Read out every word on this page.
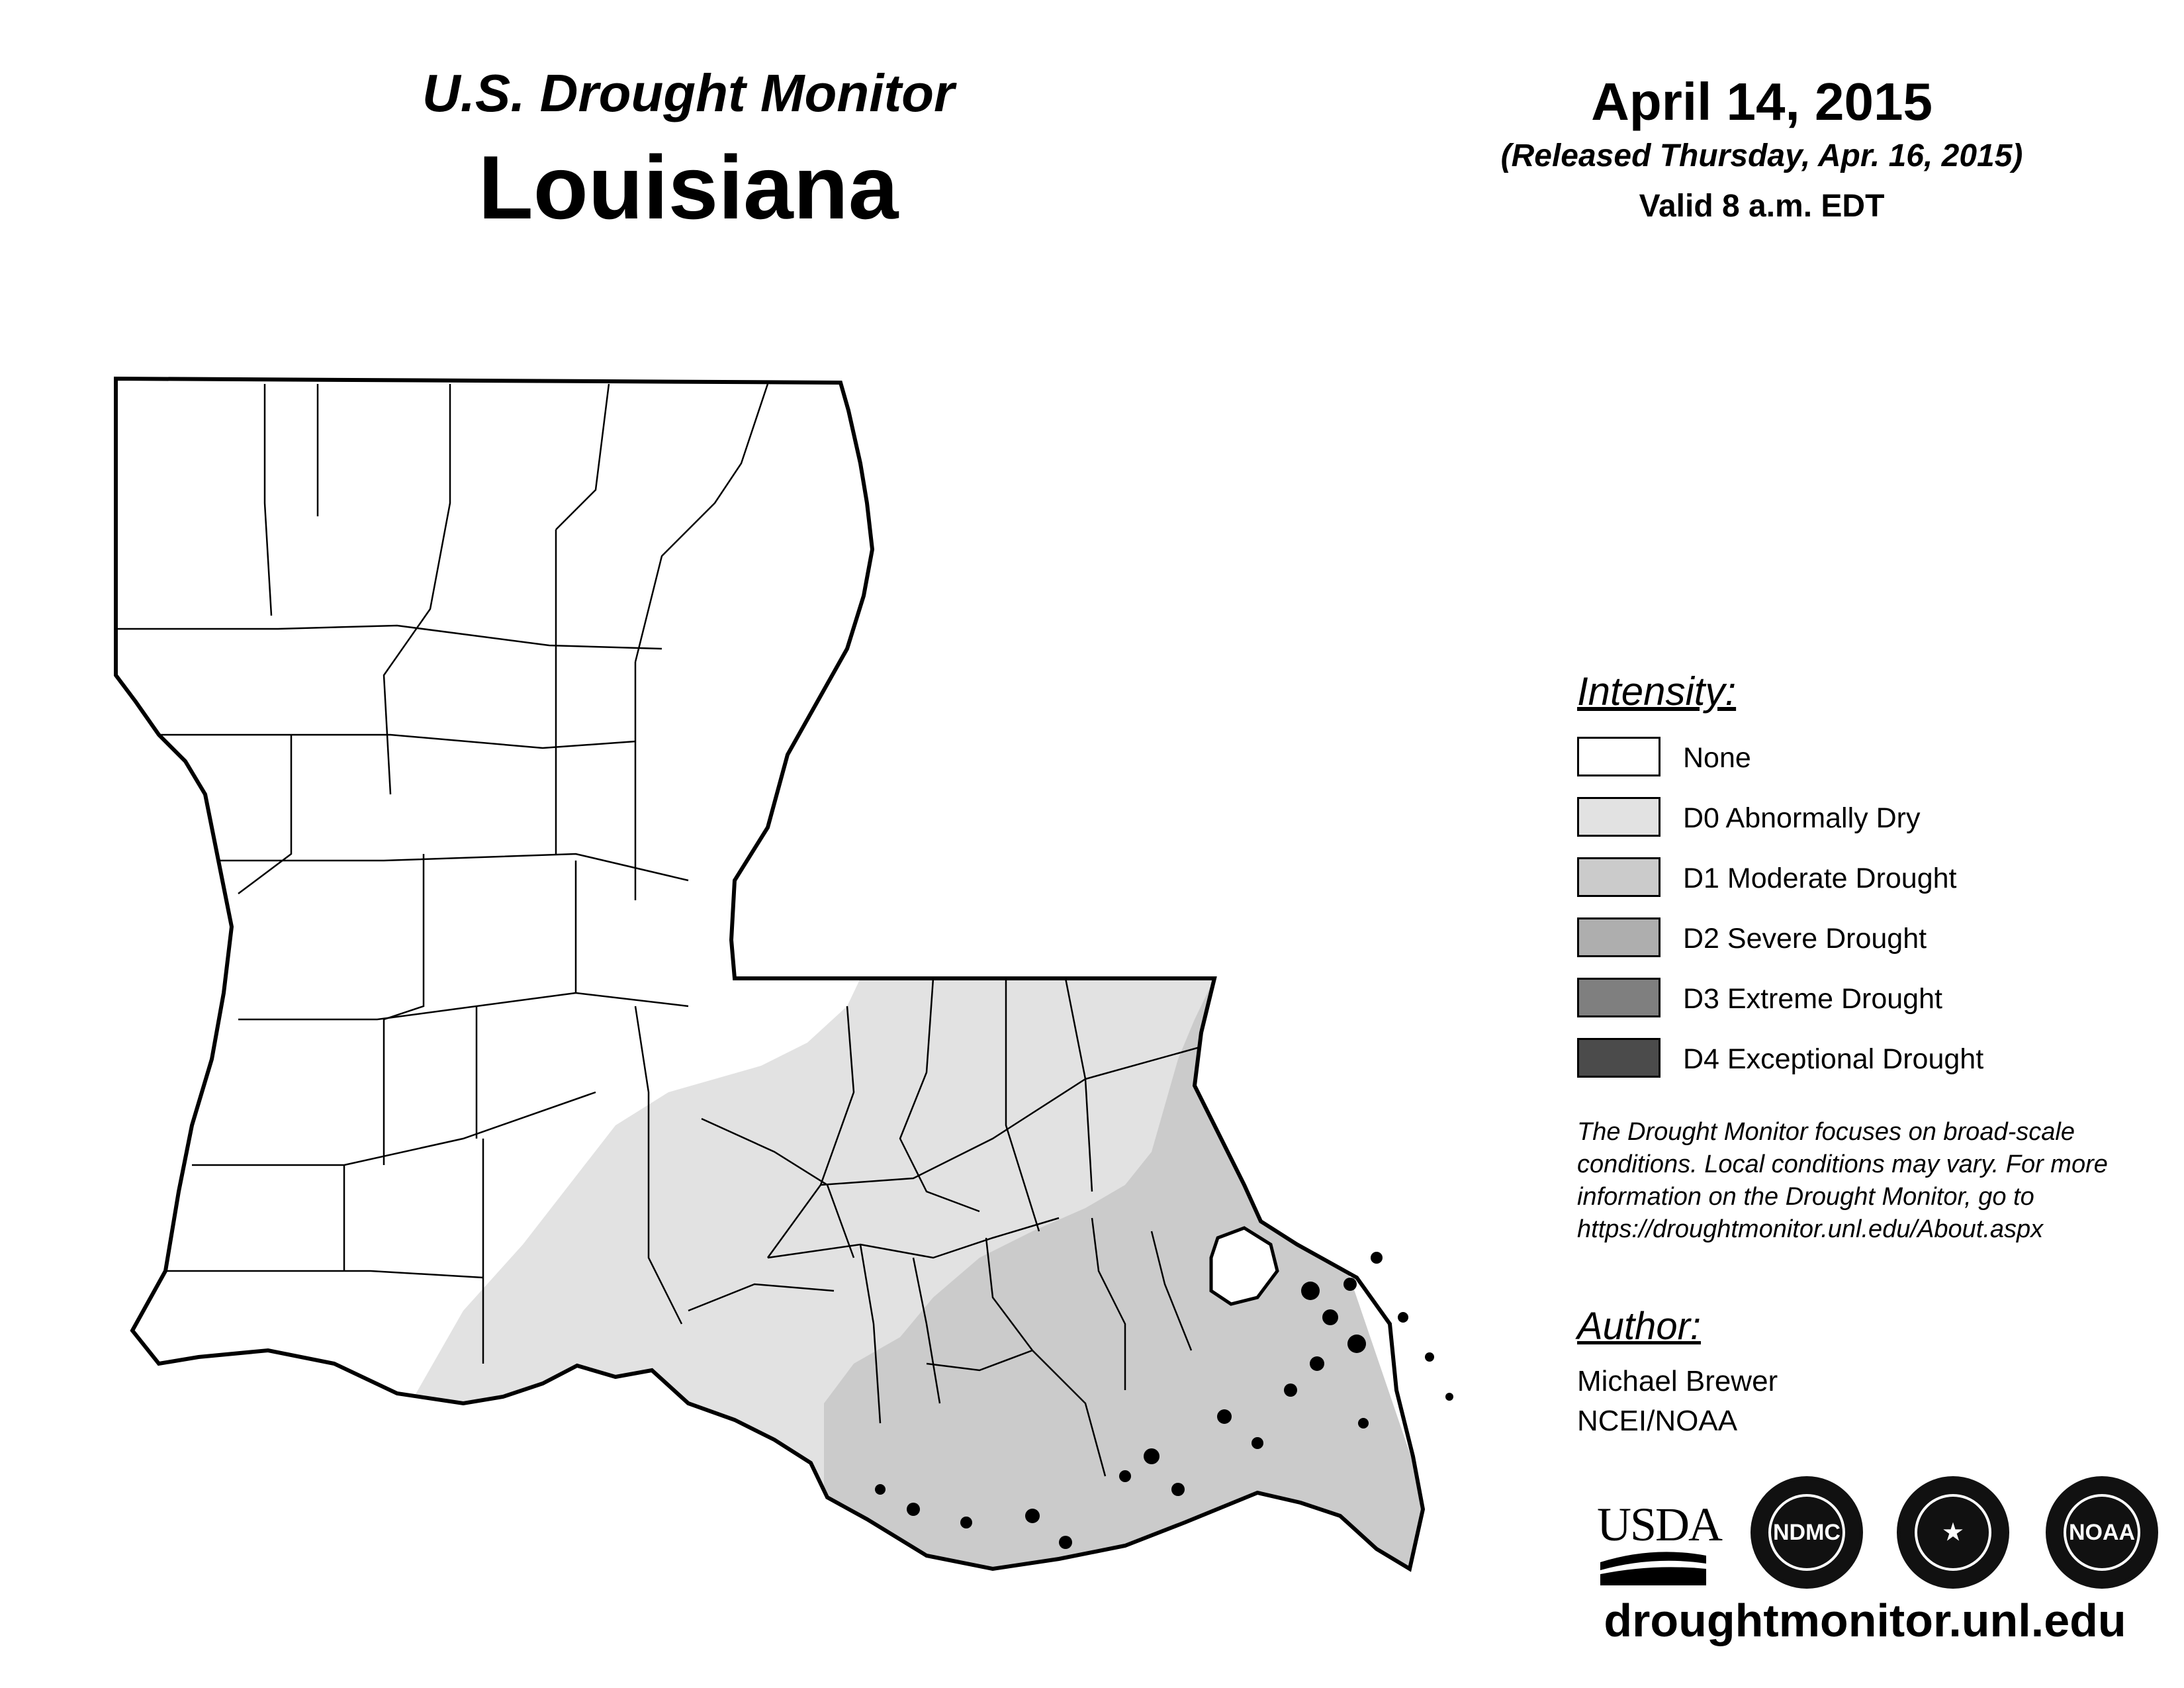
U.S. Drought Monitor
Louisiana
April 14, 2015
(Released Thursday, Apr. 16, 2015)
Valid 8 a.m. EDT
Intensity:
None
D0 Abnormally Dry
D1 Moderate Drought
D2 Severe Drought
D3 Extreme Drought
D4 Exceptional Drought
The Drought Monitor focuses on broad-scale conditions. Local conditions may vary. For more information on the Drought Monitor, go to https://droughtmonitor.unl.edu/About.aspx
Author:
Michael Brewer
NCEI/NOAA
USDA NDMC	★	NOAA
droughtmonitor.unl.edu
